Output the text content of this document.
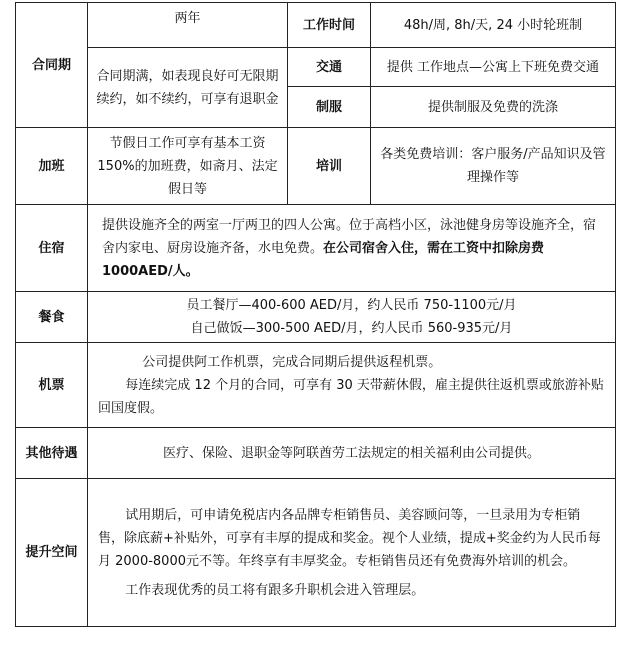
合同期	两年	工作时间	48h/周, 8h/天, 24 小时轮班制
	合同期满，如表现良好可无限期续约，如不续约，可享有退职金	交通	提供 工作地点—公寓上下班免费交通
		制服	提供制服及免费的洗涤
加班	节假日工作可享有基本工资150%的加班费，如斋月、法定假日等	培训	各类免费培训：客户服务/产品知识及管理操作等
住宿	提供设施齐全的两室一厅两卫的四人公寓。位于高档小区，泳池健身房等设施齐全，宿舍内家电、厨房设施齐备，水电免费。在公司宿舍入住，需在工资中扣除房费 1000AED/人。		
餐食	员工餐厅—400-600 AED/月，约人民币 750-1100元/月
自己做饭—300-500 AED/月，约人民币 560-935元/月		

机票	公司提供阿工作机票，完成合同期后提供返程机票。
每连续完成 12 个月的合同，可享有 30 天带薪休假，雇主提供往返机票或旅游补贴回国度假。		

其他待遇	医疗、保险、退职金等阿联酋劳工法规定的相关福利由公司提供。		
提升空间	试用期后，可申请免税店内各品牌专柜销售员、美容顾问等，一旦录用为专柜销售，除底薪+补贴外，可享有丰厚的提成和奖金。视个人业绩，提成+奖金约为人民币每月 2000-8000元不等。年终享有丰厚奖金。专柜销售员还有免费海外培训的机会。
工作表现优秀的员工将有跟多升职机会进入管理层。		
